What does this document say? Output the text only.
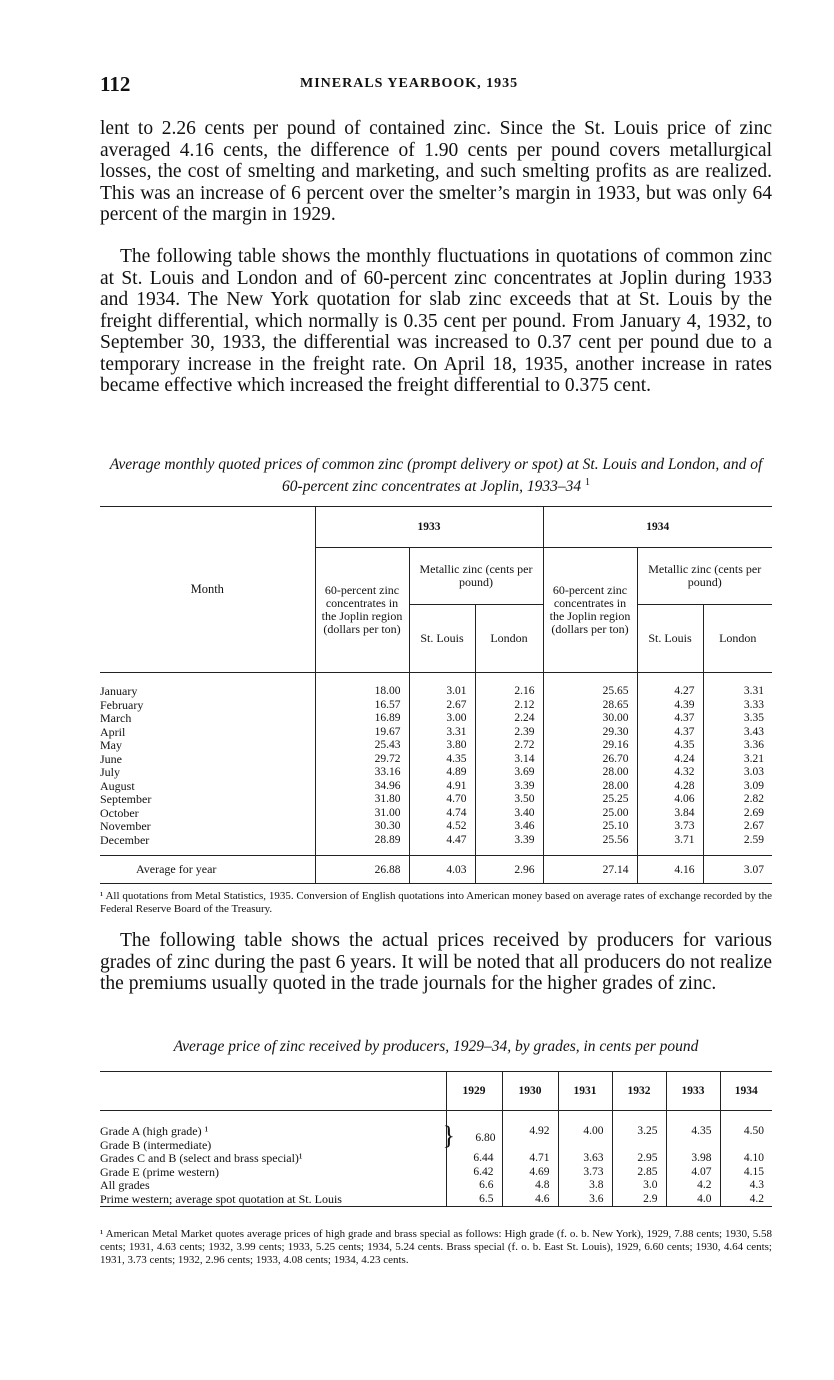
112	MINERALS YEARBOOK, 1935

lent to 2.26 cents per pound of contained zinc. Since the St. Louis price of zinc averaged 4.16 cents, the difference of 1.90 cents per pound covers metallurgical losses, the cost of smelting and marketing, and such smelting profits as are realized. This was an increase of 6 percent over the smelter’s margin in 1933, but was only 64 percent of the margin in 1929.

The following table shows the monthly fluctuations in quotations of common zinc at St. Louis and London and of 60-percent zinc concentrates at Joplin during 1933 and 1934. The New York quotation for slab zinc exceeds that at St. Louis by the freight differential, which normally is 0.35 cent per pound. From January 4, 1932, to September 30, 1933, the differential was increased to 0.37 cent per pound due to a temporary increase in the freight rate. On April 18, 1935, another increase in rates became effective which increased the freight differential to 0.375 cent.

Average monthly quoted prices of common zinc (prompt delivery or spot) at St. Louis and London, and of 60-percent zinc concentrates at Joplin, 1933–34 $^1$
Month	1933			1934		
	60-percent zinc concentrates in the Joplin region (dollars per ton)	Metallic zinc (cents per pound)		60-percent zinc concentrates in the Joplin region (dollars per ton)	Metallic zinc (cents per pound)	
		St. Louis	London		St. Louis	London

January	18.00	3.01	2.16	25.65	4.27	3.31
February	16.57	2.67	2.12	28.65	4.39	3.33
March	16.89	3.00	2.24	30.00	4.37	3.35
April	19.67	3.31	2.39	29.30	4.37	3.43
May	25.43	3.80	2.72	29.16	4.35	3.36
June	29.72	4.35	3.14	26.70	4.24	3.21
July	33.16	4.89	3.69	28.00	4.32	3.03
August	34.96	4.91	3.39	28.00	4.28	3.09
September	31.80	4.70	3.50	25.25	4.06	2.82
October	31.00	4.74	3.40	25.00	3.84	2.69
November	30.30	4.52	3.46	25.10	3.73	2.67
December	28.89	4.47	3.39	25.56	3.71	2.59

Average for year	26.88	4.03	2.96	27.14	4.16	3.07

¹ All quotations from Metal Statistics, 1935. Conversion of English quotations into American money based on average rates of exchange recorded by the Federal Reserve Board of the Treasury.

The following table shows the actual prices received by producers for various grades of zinc during the past 6 years. It will be noted that all producers do not realize the premiums usually quoted in the trade journals for the higher grades of zinc.

Average price of zinc received by producers, 1929–34, by grades, in cents per pound
	1929	1930	1931	1932	1933	1934

Grade A (high grade) ¹	} 6.80	4.92	4.00	3.25	4.35	4.50
Grade B (intermediate)						
Grades C and B (select and brass special)¹	6.44	4.71	3.63	2.95	3.98	4.10
Grade E (prime western)	6.42	4.69	3.73	2.85	4.07	4.15
All grades	6.6	4.8	3.8	3.0	4.2	4.3
Prime western; average spot quotation at St. Louis	6.5	4.6	3.6	2.9	4.0	4.2

¹ American Metal Market quotes average prices of high grade and brass special as follows: High grade (f. o. b. New York), 1929, 7.88 cents; 1930, 5.58 cents; 1931, 4.63 cents; 1932, 3.99 cents; 1933, 5.25 cents; 1934, 5.24 cents. Brass special (f. o. b. East St. Louis), 1929, 6.60 cents; 1930, 4.64 cents; 1931, 3.73 cents; 1932, 2.96 cents; 1933, 4.08 cents; 1934, 4.23 cents.
